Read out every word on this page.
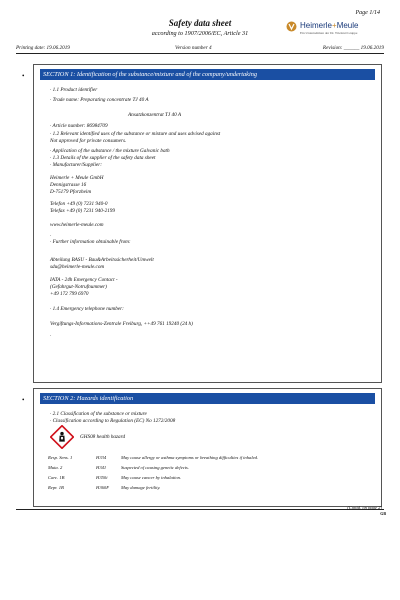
Page 1/14
Safety data sheet
according to 1907/2006/EC, Article 31
Heimerle+Meule
Ein Unternehmen der Dr. Wieland Gruppe
Printing date: 19.06.2019	Version number 4	Revision: ______ 19.06.2019
•	SECTION 1: Identification of the substance/mixture and of the company/undertaking
· 1.1 Product identifier
· Trade name: Preparating concentrate TJ 40 A
Ansatzkonzentrat TJ 40 A
· Article number: 86984709
· 1.2 Relevant identified uses of the substance or mixture and uses advised against
Not approved for private consumers.
· Application of the substance / the mixture Galvanic bath
· 1.3 Details of the supplier of the safety data sheet
· Manufacturer/Supplier:
Heimerle + Meule GmbH
Dennigstrasse 16
D-75179 Pforzheim
Telefon +49 (0) 7231 940-0
Telefax +49 (0) 7231 940-2199
www.heimerle-meule.com
·
· Further information obtainable from:
Abteilung BASU - Bau&Arbeitssicherheit/Umwelt
sdu@heimerle-meule.com
IATA - 24h Emergency Contact -
(Gefahrgut-Notrufnummer)
+49 172 799 6970
· 1.4 Emergency telephone number:
Vergiftungs-Informations-Zentrale Freiburg, ++49 761 19240 (24 h)
·
•	SECTION 2: Hazards identification
· 2.1 Classification of the substance or mixture
· Classification according to Regulation (EC) No 1272/2008
GHS08 health hazard
Resp. Sens. 1	H334	May cause allergy or asthma symptoms or breathing difficulties if inhaled.
Muta. 2	H341	Suspected of causing genetic defects.
Carc. 1B	H350i	May cause cancer by inhalation.
Repr. 1B	H360F	May damage fertility.
(Contd. on page 2)
GB
